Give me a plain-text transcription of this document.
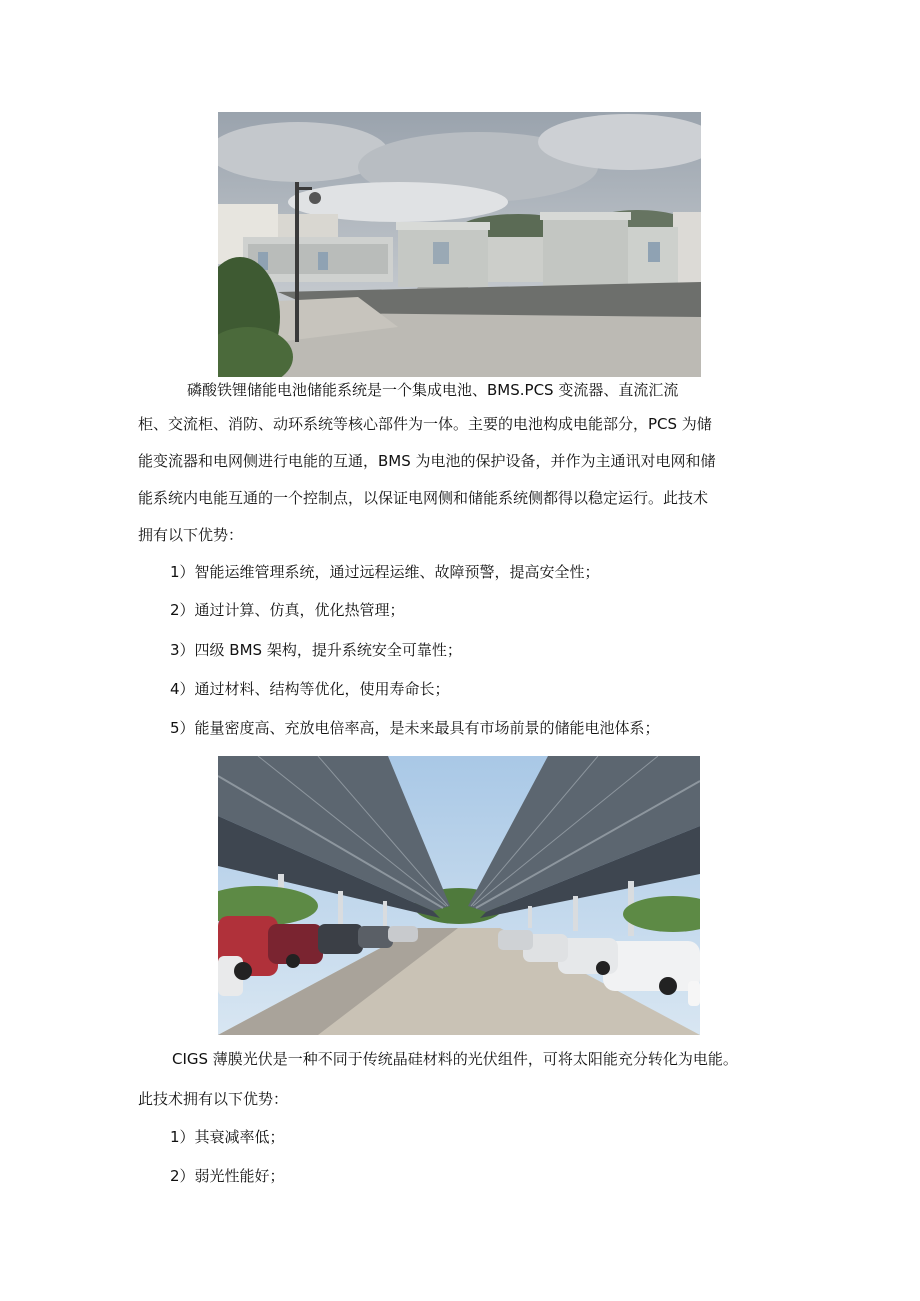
磷酸铁锂储能电池储能系统是一个集成电池、BMS.PCS 变流器、直流汇流
柜、交流柜、消防、动环系统等核心部件为一体。主要的电池构成电能部分，PCS 为储
能变流器和电网侧进行电能的互通，BMS 为电池的保护设备，并作为主通讯对电网和储
能系统内电能互通的一个控制点，以保证电网侧和储能系统侧都得以稳定运行。此技术
拥有以下优势：
1）智能运维管理系统，通过远程运维、故障预警，提高安全性；
2）通过计算、仿真，优化热管理；
3）四级 BMS 架构，提升系统安全可靠性；
4）通过材料、结构等优化，使用寿命长；
5）能量密度高、充放电倍率高，是未来最具有市场前景的储能电池体系；
CIGS 薄膜光伏是一种不同于传统晶硅材料的光伏组件，可将太阳能充分转化为电能。
此技术拥有以下优势：
1）其衰减率低；
2）弱光性能好；
